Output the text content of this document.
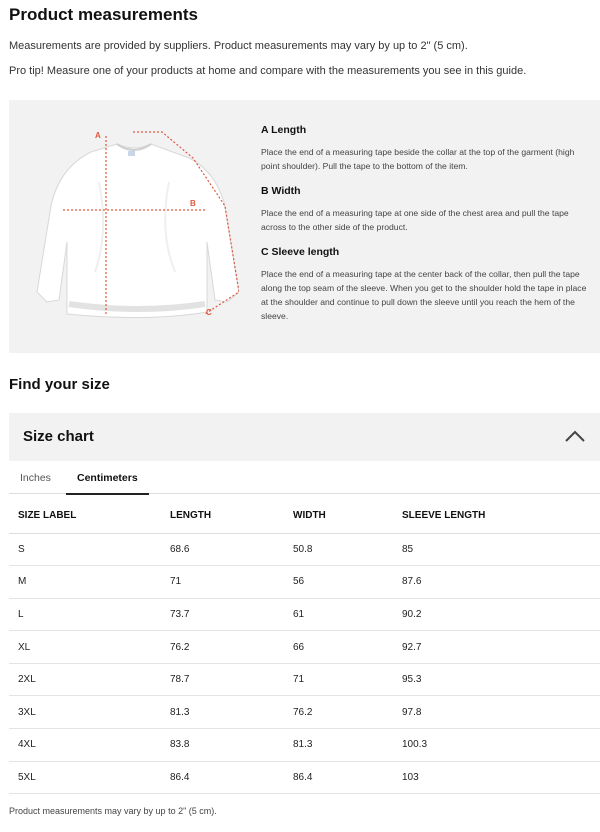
Product measurements
Measurements are provided by suppliers. Product measurements may vary by up to 2" (5 cm).
Pro tip! Measure one of your products at home and compare with the measurements you see in this guide.
A
B
C
A Length
Place the end of a measuring tape beside the collar at the top of the garment (high point shoulder). Pull the tape to the bottom of the item.
B Width
Place the end of a measuring tape at one side of the chest area and pull the tape across to the other side of the product.
C Sleeve length
Place the end of a measuring tape at the center back of the collar, then pull the tape along the top seam of the sleeve. When you get to the shoulder hold the tape in place at the shoulder and continue to pull down the sleeve until you reach the hem of the sleeve.
Find your size
Size chart
Inches	Centimeters
SIZE LABEL	LENGTH	WIDTH	SLEEVE LENGTH
S	68.6	50.8	85
M	71	56	87.6
L	73.7	61	90.2
XL	76.2	66	92.7
2XL	78.7	71	95.3
3XL	81.3	76.2	97.8
4XL	83.8	81.3	100.3
5XL	86.4	86.4	103
Product measurements may vary by up to 2" (5 cm).
